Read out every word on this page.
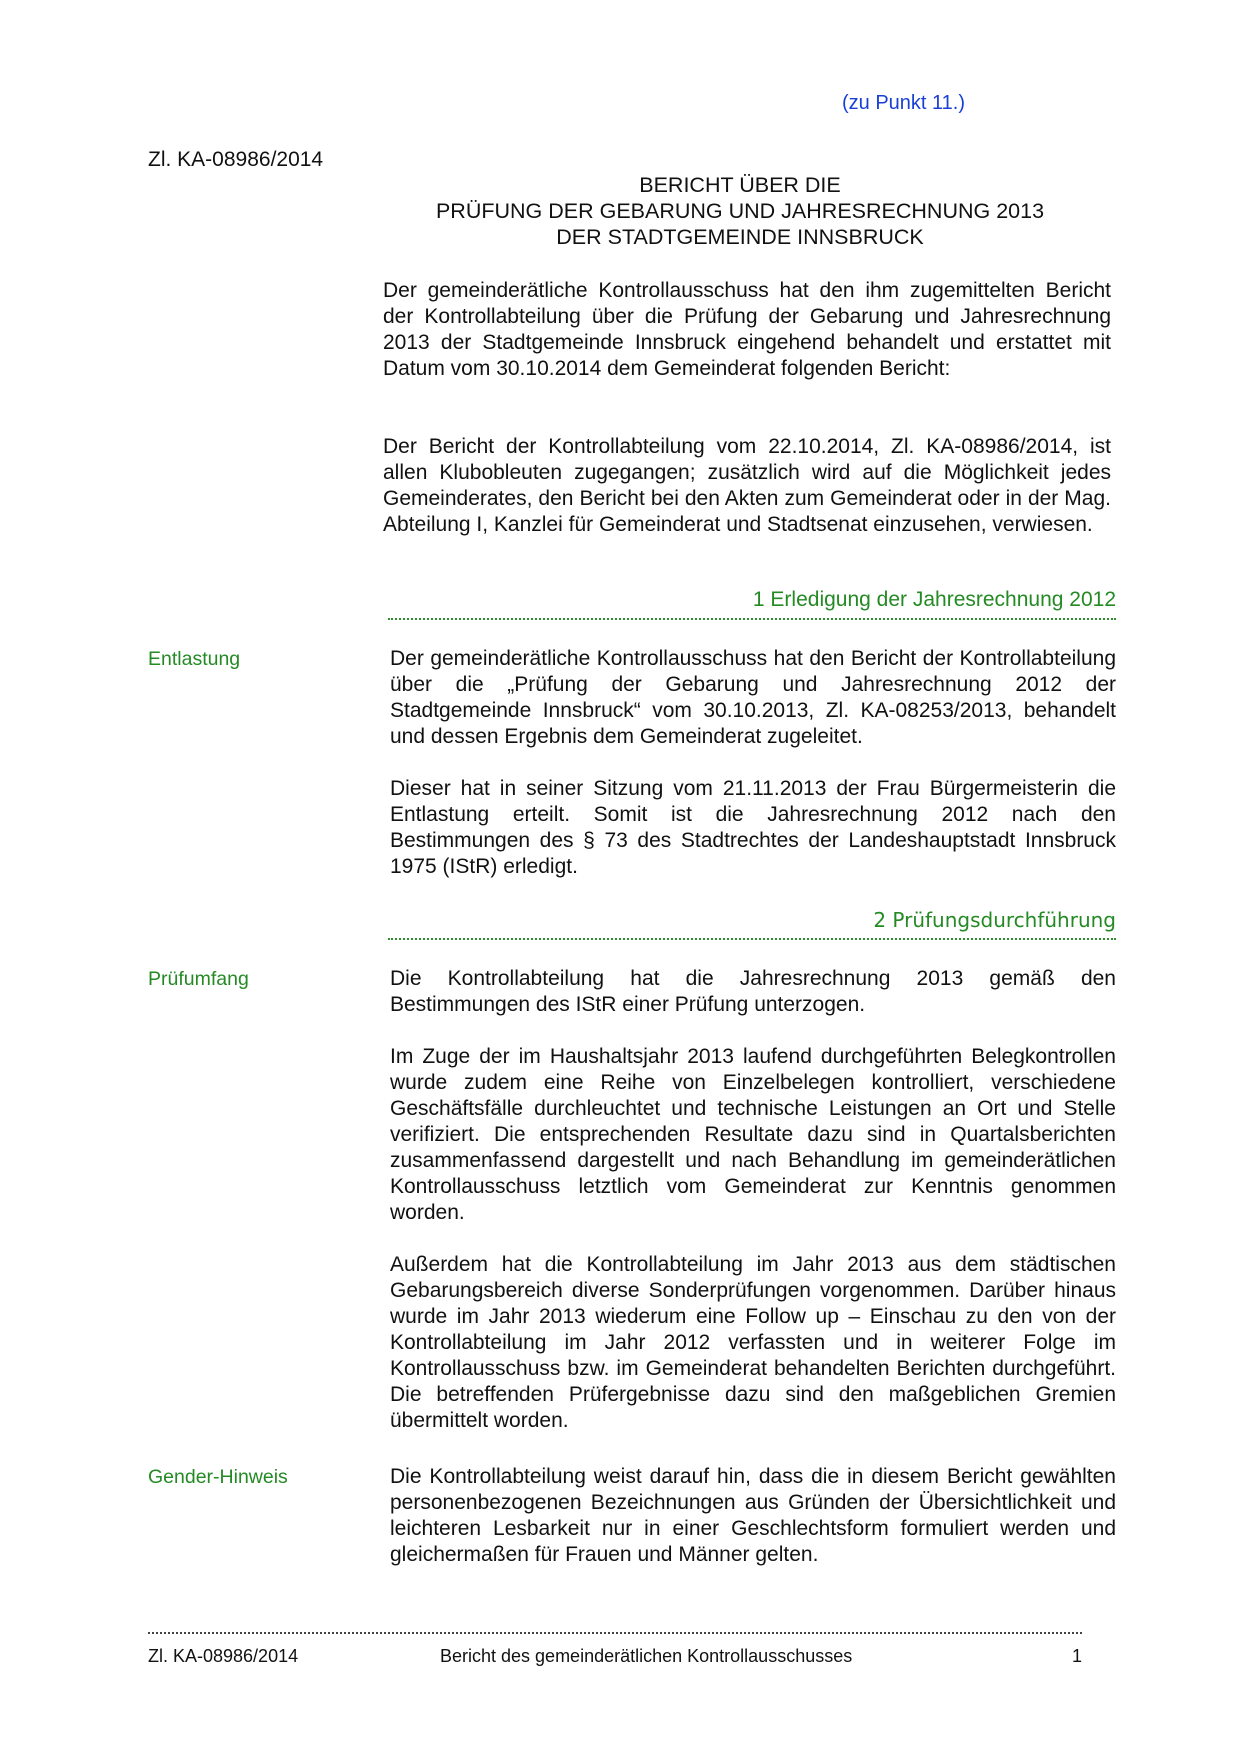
(zu Punkt 11.)
Zl. KA-08986/2014
BERICHT ÜBER DIE
PRÜFUNG DER GEBARUNG UND JAHRESRECHNUNG 2013
DER STADTGEMEINDE INNSBRUCK

Der gemeinderätliche Kontrollausschuss hat den ihm zugemittelten Bericht der Kontrollabteilung über die Prüfung der Gebarung und Jahresrechnung 2013 der Stadtgemeinde Innsbruck eingehend behandelt und erstattet mit Datum vom 30.10.2014 dem Gemeinderat folgenden Bericht:

Der Bericht der Kontrollabteilung vom 22.10.2014, Zl. KA-08986/2014, ist allen Klubobleuten zugegangen; zusätzlich wird auf die Möglichkeit jedes Gemeinderates, den Bericht bei den Akten zum Gemeinderat oder in der Mag. Abteilung I, Kanzlei für Gemeinderat und Stadtsenat einzusehen, verwiesen.

1 Erledigung der Jahresrechnung 2012
Entlastung	Der gemeinderätliche Kontrollausschuss hat den Bericht der Kontrollabteilung über die „Prüfung der Gebarung und Jahresrechnung 2012 der Stadtgemeinde Innsbruck“ vom 30.10.2013, Zl. KA-08253/2013, behandelt und dessen Ergebnis dem Gemeinderat zugeleitet.

Dieser hat in seiner Sitzung vom 21.11.2013 der Frau Bürgermeisterin die Entlastung erteilt. Somit ist die Jahresrechnung 2012 nach den Bestimmungen des § 73 des Stadtrechtes der Landeshauptstadt Innsbruck 1975 (IStR) erledigt.

2 Prüfungsdurchführung
Prüfumfang	Die Kontrollabteilung hat die Jahresrechnung 2013 gemäß den Bestimmungen des IStR einer Prüfung unterzogen.

Im Zuge der im Haushaltsjahr 2013 laufend durchgeführten Belegkontrollen wurde zudem eine Reihe von Einzelbelegen kontrolliert, verschiedene Geschäftsfälle durchleuchtet und technische Leistungen an Ort und Stelle verifiziert. Die entsprechenden Resultate dazu sind in Quartalsberichten zusammenfassend dargestellt und nach Behandlung im gemeinderätlichen Kontrollausschuss letztlich vom Gemeinderat zur Kenntnis genommen worden.

Außerdem hat die Kontrollabteilung im Jahr 2013 aus dem städtischen Gebarungsbereich diverse Sonderprüfungen vorgenommen. Darüber hinaus wurde im Jahr 2013 wiederum eine Follow up – Einschau zu den von der Kontrollabteilung im Jahr 2012 verfassten und in weiterer Folge im Kontrollausschuss bzw. im Gemeinderat behandelten Berichten durchgeführt. Die betreffenden Prüfergebnisse dazu sind den maßgeblichen Gremien übermittelt worden.

Gender-Hinweis	Die Kontrollabteilung weist darauf hin, dass die in diesem Bericht gewählten personenbezogenen Bezeichnungen aus Gründen der Übersichtlichkeit und leichteren Lesbarkeit nur in einer Geschlechtsform formuliert werden und gleichermaßen für Frauen und Männer gelten.

Zl. KA-08986/2014	Bericht des gemeinderätlichen Kontrollausschusses	1
